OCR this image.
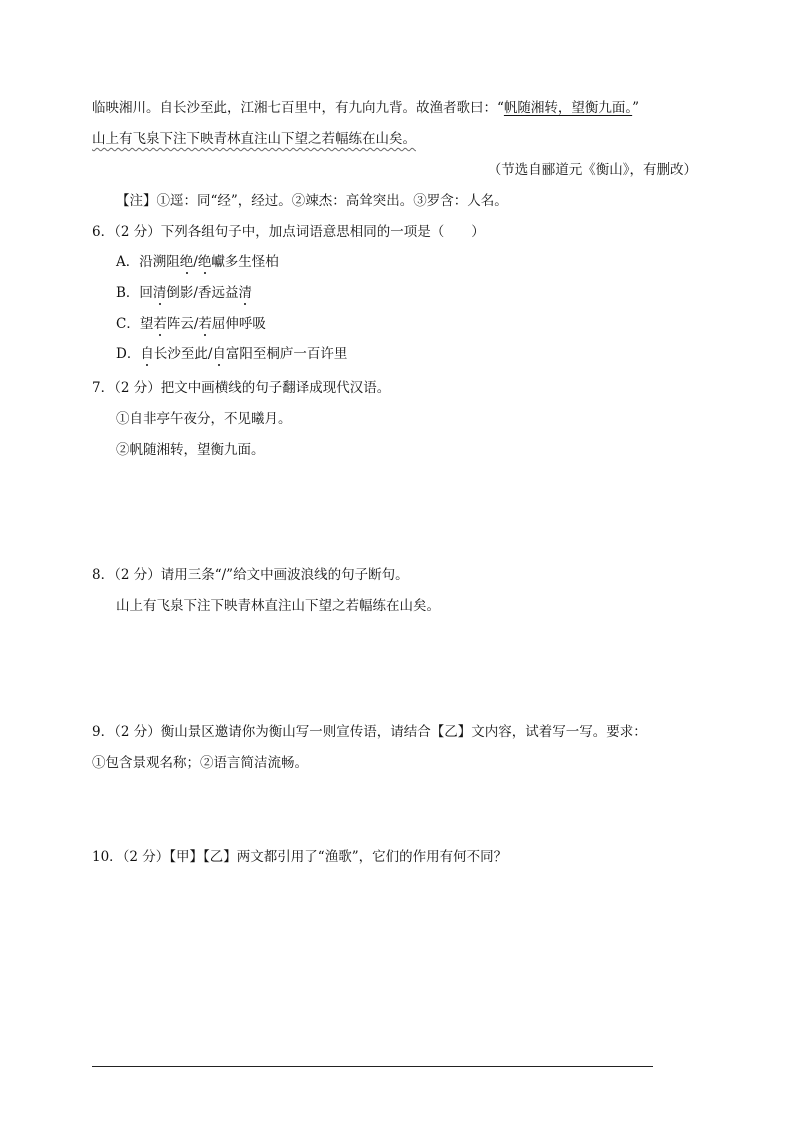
临映湘川。自长沙至此，江湘七百里中，有九向九背。故渔者歌曰：“帆随湘转，望衡九面。”
山上有飞泉下注下映青林直注山下望之若幅练在山矣。
（节选自郦道元《衡山》，有删改）
【注】①逕：同“经”，经过。②竦杰：高耸突出。③罗含：人名。
6．（2 分）下列各组句子中，加点词语意思相同的一项是（　　）
A．沿溯阻绝/绝巘多生怪柏
B．回清倒影/香远益清
C．望若阵云/若屈伸呼吸
D．自长沙至此/自富阳至桐庐一百许里
7．（2 分）把文中画横线的句子翻译成现代汉语。
①自非亭午夜分，不见曦月。
②帆随湘转，望衡九面。
8．（2 分）请用三条“/”给文中画波浪线的句子断句。
山上有飞泉下注下映青林直注山下望之若幅练在山矣。
9．（2 分）衡山景区邀请你为衡山写一则宣传语，请结合【乙】文内容，试着写一写。要求：
①包含景观名称；②语言简洁流畅。
10．（2 分）【甲】【乙】两文都引用了“渔歌”，它们的作用有何不同？
